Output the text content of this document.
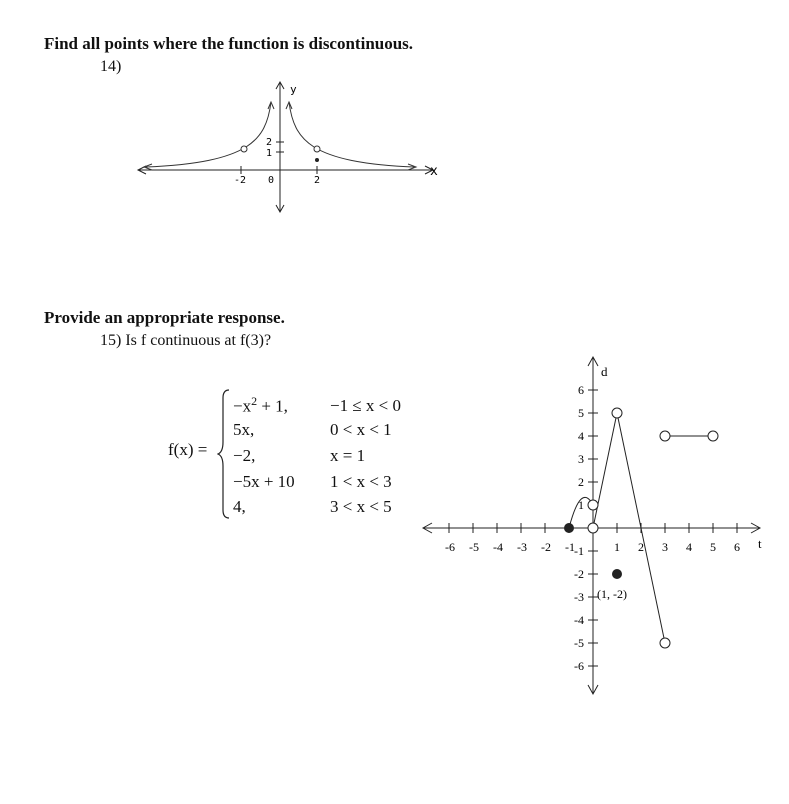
Find all points where the function is discontinuous.
14)
y
x
-2 0	2
2
1
Provide an appropriate response.
15) Is f continuous at f(3)?
f(x) =
$-x^2 + 1$,
5x,
−2,
−5x + 10
4,
−1 ≤ x < 0
0 < x < 1
x = 1
1 < x < 3
3 < x < 5
-6 -5 -4 -3 -2 -1	1 2 3 4 5 6
6
5
4
3
2
1
-1
-2
-3
-4
-5
-6
d
t
(1, -2)
